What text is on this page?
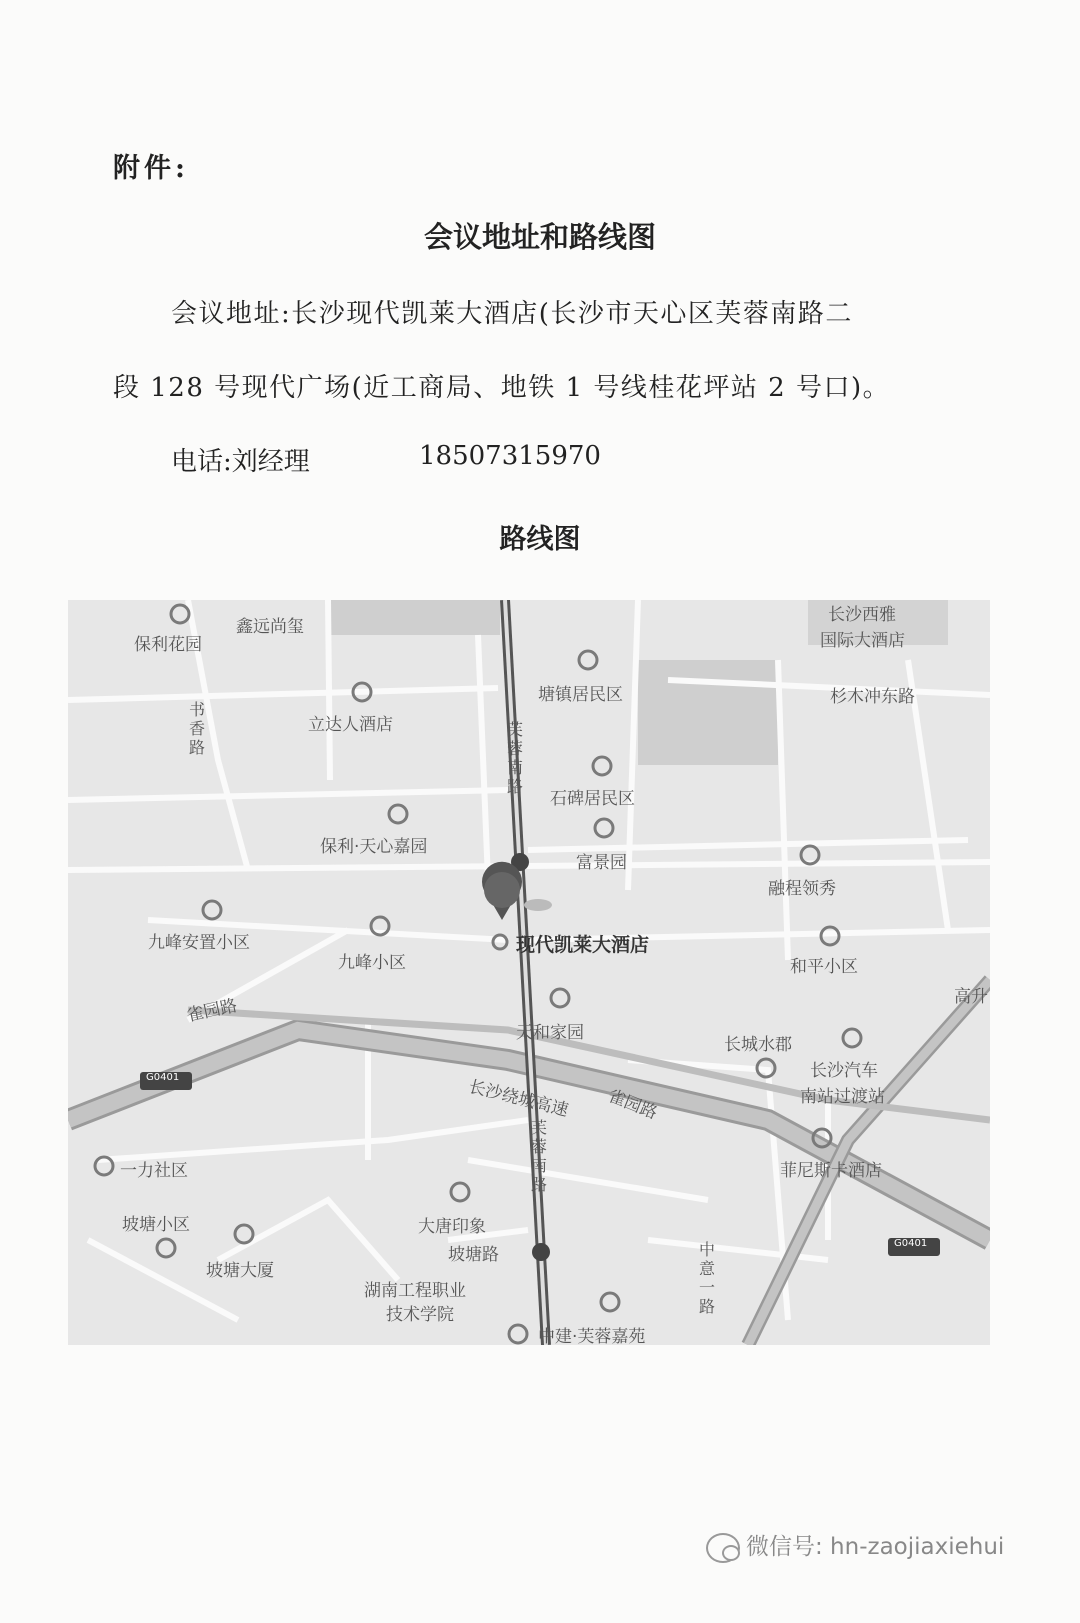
附件:
会议地址和路线图
会议地址:长沙现代凯莱大酒店(长沙市天心区芙蓉南路二
段 128 号现代广场(近工商局、地铁 1 号线桂花坪站 2 号口)。
电话:刘经理	18507315970
路线图
保利花园
鑫远尚玺
立达人酒店
塘镇居民区
长沙西雅
国际大酒店
杉木冲东路
石碑居民区
保利·天心嘉园
富景园
融程领秀
九峰安置小区
九峰小区
现代凯莱大酒店
和平小区
高升
雀园路
天和家园
长城水郡
长沙汽车
南站过渡站
长沙绕城高速 雀园路
菲尼斯卡酒店
一力社区
坡塘小区
坡塘大厦
大唐印象
坡塘路
湖南工程职业
技术学院
中建·芙蓉嘉苑
G0401
G0401
书香路
芙蓉南路
芙蓉南路
中意一路
微信号: hn-zaojiaxiehui
